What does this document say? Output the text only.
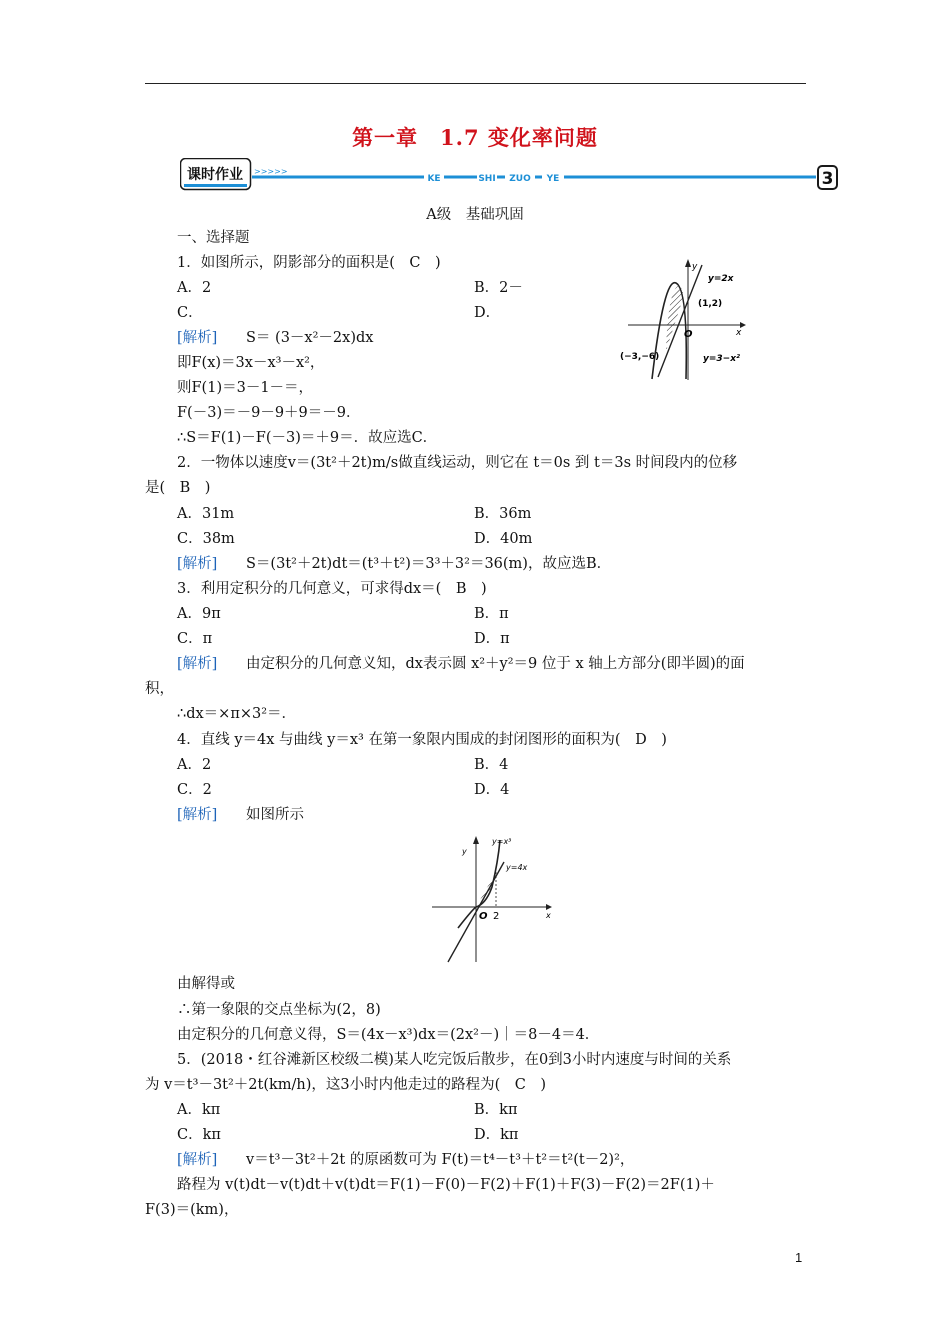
第一章　1.7 变化率问题
课时作业 >>>>>
KE	SHI ZUO YE	3
A级　基础巩固
一、选择题
1．如图所示，阴影部分的面积是(　C　)
A．2	B．2－
C．	D．
[解析] S＝ (3－x²－2x)dx
即F(x)＝3x－x³－x²，
则F(1)＝3－1－＝，
F(－3)＝－9－9＋9＝－9．
∴S＝F(1)－F(－3)＝＋9＝．故应选C．
2．一物体以速度v＝(3t²＋2t)m/s做直线运动，则它在 t＝0s 到 t＝3s 时间段内的位移
是(　B　)
A．31m	B．36m
C．38m	D．40m
[解析] S＝(3t²＋2t)dt＝(t³＋t²)＝3³＋3²＝36(m)，故应选B．
3．利用定积分的几何意义，可求得dx＝(　B　)
A．9π	B．π
C．π	D．π
[解析] 由定积分的几何意义知，dx表示圆 x²＋y²＝9 位于 x 轴上方部分(即半圆)的面
积，
∴dx＝×π×3²＝．
4．直线 y＝4x 与曲线 y＝x³ 在第一象限内围成的封闭图形的面积为(　D　)
A．2	B．4
C．2	D．4
[解析] 如图所示
由解得或
∴第一象限的交点坐标为(2，8)
由定积分的几何意义得，S＝(4x－x³)dx＝(2x²－)｜＝8－4＝4．
5．(2018・红谷滩新区校级二模)某人吃完饭后散步，在0到3小时内速度与时间的关系
为 v＝t³－3t²＋2t(km/h)，这3小时内他走过的路程为(　C　)
A．kπ	B．kπ
C．kπ	D．kπ
[解析] v＝t³－3t²＋2t 的原函数可为 F(t)＝t⁴－t³＋t²＝t²(t－2)²，
路程为 v(t)dt－v(t)dt＋v(t)dt＝F(1)－F(0)－F(2)＋F(1)＋F(3)－F(2)＝2F(1)＋
F(3)＝(km)，
y=2x
(1,2)
(−3,−6)	y=3−x²
x
y
O
y=x³
y=4x
x
y
O 2
1
